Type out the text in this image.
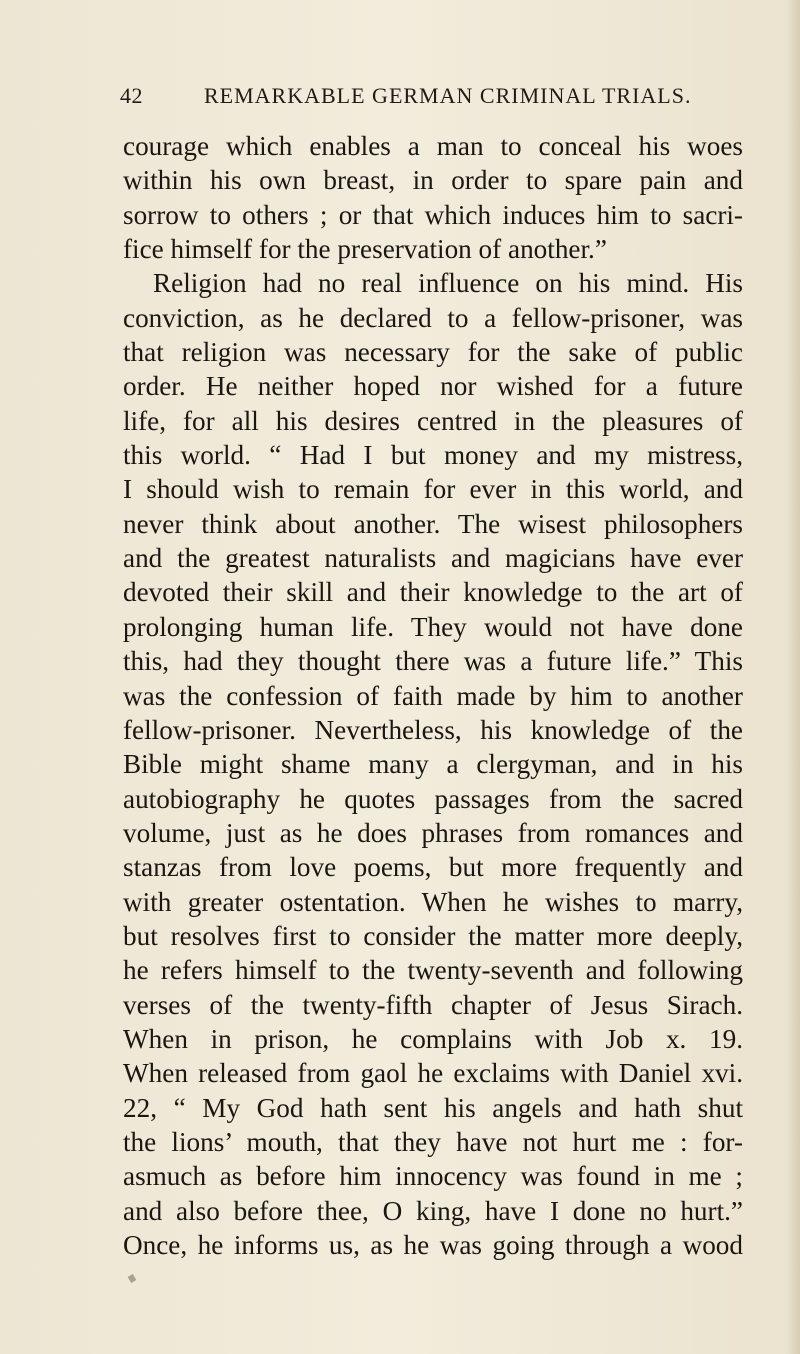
42	REMARKABLE GERMAN CRIMINAL TRIALS.
courage which enables a man to conceal his woes
within his own breast, in order to spare pain and
sorrow to others ; or that which induces him to sacri-
fice himself for the preservation of another.”
Religion had no real influence on his mind. His
conviction, as he declared to a fellow-prisoner, was
that religion was necessary for the sake of public
order. He neither hoped nor wished for a future
life, for all his desires centred in the pleasures of
this world. “ Had I but money and my mistress,
I should wish to remain for ever in this world, and
never think about another. The wisest philosophers
and the greatest naturalists and magicians have ever
devoted their skill and their knowledge to the art of
prolonging human life. They would not have done
this, had they thought there was a future life.” This
was the confession of faith made by him to another
fellow-prisoner. Nevertheless, his knowledge of the
Bible might shame many a clergyman, and in his
autobiography he quotes passages from the sacred
volume, just as he does phrases from romances and
stanzas from love poems, but more frequently and
with greater ostentation. When he wishes to marry,
but resolves first to consider the matter more deeply,
he refers himself to the twenty-seventh and following
verses of the twenty-fifth chapter of Jesus Sirach.
When in prison, he complains with Job x. 19.
When released from gaol he exclaims with Daniel xvi.
22, “ My God hath sent his angels and hath shut
the lions’ mouth, that they have not hurt me : for-
asmuch as before him innocency was found in me ;
and also before thee, O king, have I done no hurt.”
Once, he informs us, as he was going through a wood
